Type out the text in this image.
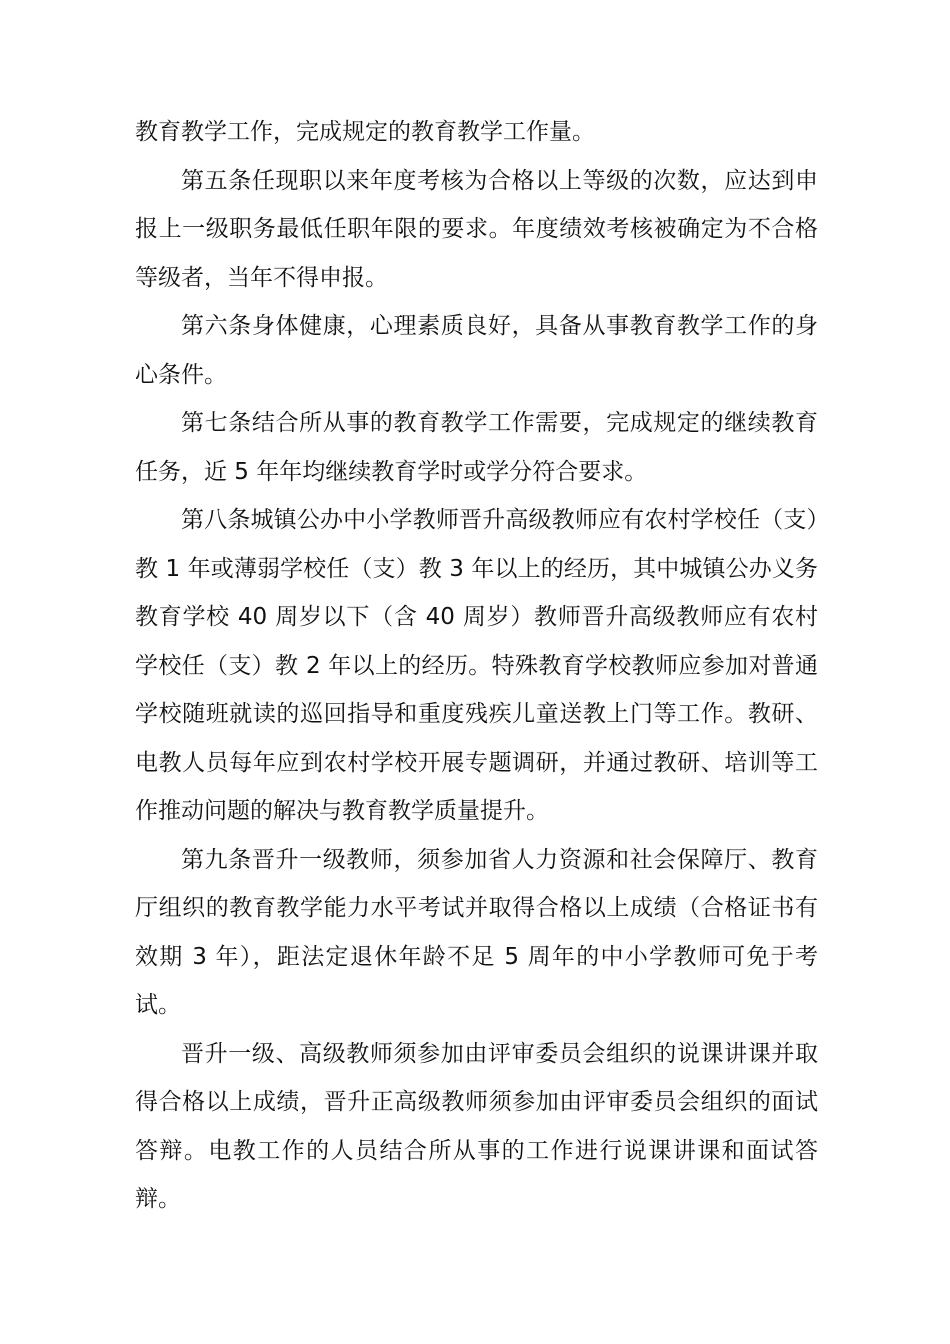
教育教学工作，完成规定的教育教学工作量。

第五条任现职以来年度考核为合格以上等级的次数，应达到申报上一级职务最低任职年限的要求。年度绩效考核被确定为不合格等级者，当年不得申报。

第六条身体健康，心理素质良好，具备从事教育教学工作的身心条件。

第七条结合所从事的教育教学工作需要，完成规定的继续教育任务，近 5 年年均继续教育学时或学分符合要求。

第八条城镇公办中小学教师晋升高级教师应有农村学校任（支）教 1 年或薄弱学校任（支）教 3 年以上的经历，其中城镇公办义务教育学校 40 周岁以下（含 40 周岁）教师晋升高级教师应有农村学校任（支）教 2 年以上的经历。特殊教育学校教师应参加对普通学校随班就读的巡回指导和重度残疾儿童送教上门等工作。教研、电教人员每年应到农村学校开展专题调研，并通过教研、培训等工作推动问题的解决与教育教学质量提升。

第九条晋升一级教师，须参加省人力资源和社会保障厅、教育厅组织的教育教学能力水平考试并取得合格以上成绩（合格证书有效期 3 年），距法定退休年龄不足 5 周年的中小学教师可免于考试。

晋升一级、高级教师须参加由评审委员会组织的说课讲课并取得合格以上成绩，晋升正高级教师须参加由评审委员会组织的面试答辩。电教工作的人员结合所从事的工作进行说课讲课和面试答辩。
